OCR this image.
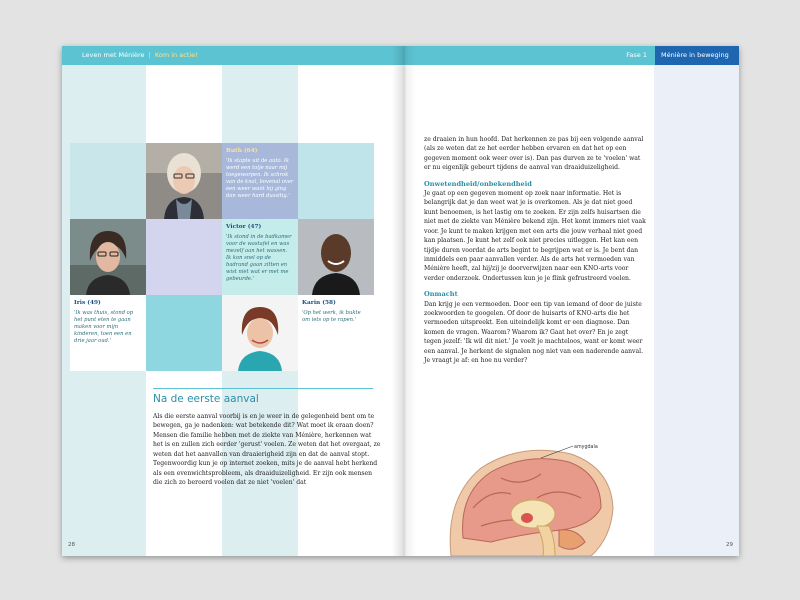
Leven met Ménière | Kom in actie!
Ruth (64)
'Ik stapte uit de auto. Ik werd een tolje naar mij toegeworpen. Ik schrok van de knal, bovenal over een weer want hij ging dan weer hard dussitig.'
Victor (47)
'Ik stond in de badkamer voor de wastafel en was mezelf aan het wassen. Ik kon snel op de badrand gaan zitten en wist niet wat er met me gebeurde.'
Iris (49)
'Ik was thuis, stond op het punt eten te gaan maken voor mijn kinderen, toen een en drie jaar oud.'
Karin (58)
'Op het werk, ik bukte om iets op te rapen.'
Na de eerste aanval

Als die eerste aanval voorbij is en je weer in de gelegenheid bent om te bewegen, ga je nadenken: wat betekende dit? Wat moet ik eraan doen?

Mensen die familie hebben met de ziekte van Ménière, herkennen wat het is en zullen zich eerder 'gerust' voelen. Ze weten dat het overgaat, ze weten dat het aanvallen van draaierigheid zijn en dat de aanval stopt.

Tegenwoordig kun je op internet zoeken, mits je de aanval hebt herkend als een evenwichtsprobleem, als draaiduizeligheid. Er zijn ook mensen die zich zo beroerd voelen dat ze niet 'voelen' dat

28
Fase 1 Ménière in beweging

ze draaien in hun hoofd. Dat herkennen ze pas bij een volgende aanval (als ze weten dat ze het eerder hebben ervaren en dat het op een gegeven moment ook weer over is). Dan pas durven ze te 'voelen' wat er nu eigenlijk gebeurt tijdens de aanval van draaiduizeligheid.

Onwetendheid/onbekendheid

Je gaat op een gegeven moment op zoek naar informatie. Het is belangrijk dat je dan weet wat je is overkomen. Als je dat niet goed kunt benoemen, is het lastig om te zoeken. Er zijn zelfs huisartsen die niet met de ziekte van Ménière bekend zijn. Het komt immers niet vaak voor. Je kunt te maken krijgen met een arts die jouw verhaal niet goed kan plaatsen. Je kunt het zelf ook niet precies uitleggen. Het kan een tijdje duren voordat de arts begint te begrijpen wat er is. Je bent dan inmiddels een paar aanvallen verder. Als de arts het vermoeden van Ménière heeft, zal hij/zij je doorverwijzen naar een KNO-arts voor verder onderzoek. Ondertussen kun je je flink gefrustreerd voelen.

Onmacht

Dan krijg je een vermoeden. Door een tip van iemand of door de juiste zoekwoorden te googelen. Of door de huisarts of KNO-arts die het vermoeden uitspreekt. Een uiteindelijk komt er een diagnose. Dan komen de vragen. Waarom? Waarom ik? Gaat het over? En je zegt tegen jezelf: 'Ik wil dit niet.' Je voelt je machteloos, want er komt weer een aanval. Je herkent de signalen nog niet van een naderende aanval. Je vraagt je af: en hoe nu verder?

amygdala
29
